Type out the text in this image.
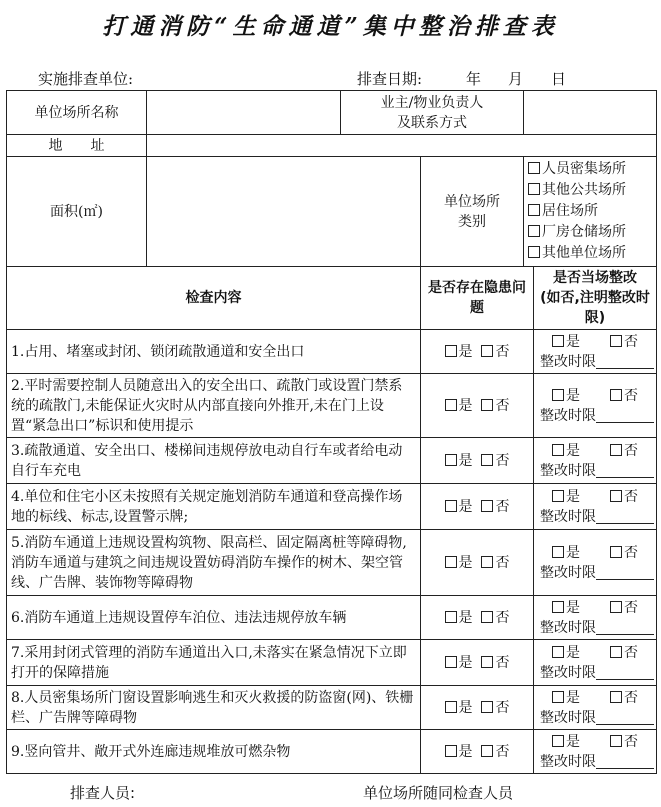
打通消防“生命通道”集中整治排查表
实施排查单位:	排查日期:	年 月 日
单位场所名称		业主/物业负责人
及联系方式			

地　　址					
面积(㎡)			单位场所
类别	人员密集场所
其他公共场所
居住场所
厂房仓储场所
其他单位场所	

检查内容			是否存在隐患问题		是否当场整改
(如否,注明整改时限)

1.占用、堵塞或封闭、锁闭疏散通道和安全出口			是 否		是 否
整改时限

2.平时需要控制人员随意出入的安全出口、疏散门或设置门禁系统的疏散门,未能保证火灾时从内部直接向外推开,未在门上设置“紧急出口”标识和使用提示			是 否		是 否
整改时限

3.疏散通道、安全出口、楼梯间违规停放电动自行车或者给电动自行车充电			是 否		是 否
整改时限

4.单位和住宅小区未按照有关规定施划消防车通道和登高操作场地的标线、标志,设置警示牌;			是 否		是 否
整改时限

5.消防车通道上违规设置构筑物、限高栏、固定隔离桩等障碍物,消防车通道与建筑之间违规设置妨碍消防车操作的树木、架空管线、广告牌、装饰物等障碍物			是 否		是 否
整改时限

6.消防车通道上违规设置停车泊位、违法违规停放车辆			是 否		是 否
整改时限

7.采用封闭式管理的消防车通道出入口,未落实在紧急情况下立即打开的保障措施			是 否		是 否
整改时限

8.人员密集场所门窗设置影响逃生和灭火救援的防盗窗(网)、铁栅栏、广告牌等障碍物			是 否		是 否
整改时限

9.竖向管井、敞开式外连廊违规堆放可燃杂物			是 否		是 否
整改时限
排查人员:	单位场所随同检查人员
